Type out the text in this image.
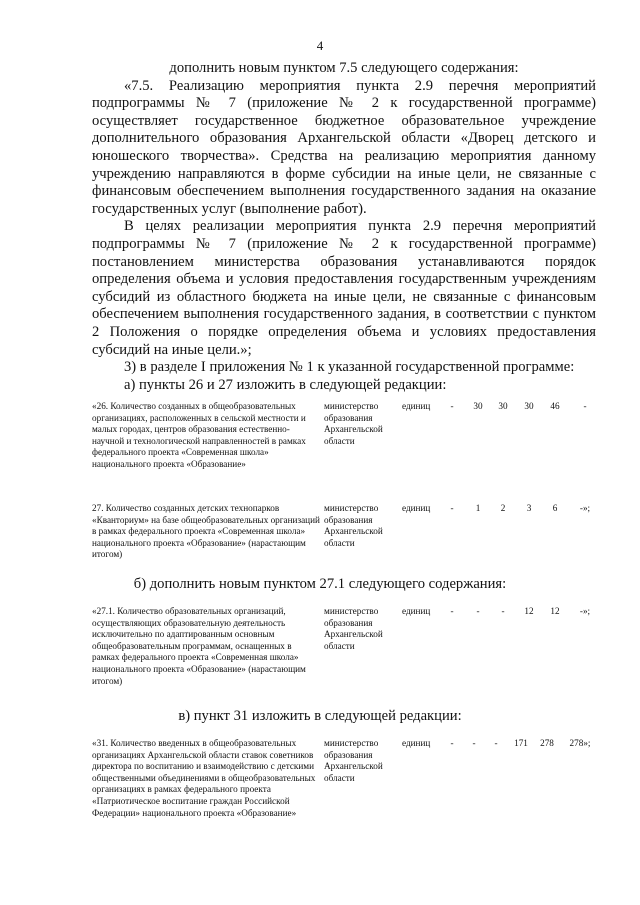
4

дополнить новым пунктом 7.5 следующего содержания:

«7.5. Реализацию мероприятия пункта 2.9 перечня мероприятий подпрограммы № 7 (приложение № 2 к государственной программе) осуществляет государственное бюджетное образовательное учреждение дополнительного образования Архангельской области «Дворец детского и юношеского творчества». Средства на реализацию мероприятия данному учреждению направляются в форме субсидии на иные цели, не связанные с финансовым обеспечением выполнения государственного задания на оказание государственных услуг (выполнение работ).

В целях реализации мероприятия пункта 2.9 перечня мероприятий подпрограммы № 7 (приложение № 2 к государственной программе) постановлением министерства образования устанавливаются порядок определения объема и условия предоставления государственным учреждениям субсидий из областного бюджета на иные цели, не связанные с финансовым обеспечением выполнения государственного задания, в соответствии с пунктом 2 Положения о порядке определения объема и условиях предоставления субсидий на иные цели.»;

3) в разделе I приложения № 1 к указанной государственной программе:

а) пункты 26 и 27 изложить в следующей редакции:

«26. Количество созданных в общеобразовательных организациях, расположенных в сельской местности и малых городах, центров образования естественно-научной и технологической направленностей в рамках федерального проекта «Современная школа» национального проекта «Образование»
министерство образования Архангельской области
единиц	-	30	30	30	46	-
27. Количество созданных детских технопарков «Кванториум» на базе общеобразовательных организаций в рамках федерального проекта «Современная школа» национального проекта «Образование» (нарастающим итогом)
министерство образования Архангельской области
единиц	-	1	2	3	6	-»;
«27.1. Количество образовательных организаций, осуществляющих образовательную деятельность исключительно по адаптированным основным общеобразовательным программам, оснащенных в рамках федерального проекта «Современная школа» национального проекта «Образование» (нарастающим итогом)
министерство образования Архангельской области
единиц	-	-	-	12	12	-»;
«31. Количество введенных в общеобразовательных организациях Архангельской области ставок советников директора по воспитанию и взаимодействию с детскими общественными объединениями в общеобразовательных организациях в рамках федерального проекта «Патриотическое воспитание граждан Российской Федерации» национального проекта «Образование»
министерство образования Архангельской области
единиц	-	-	-	171	278	278»;
б) дополнить новым пунктом 27.1 следующего содержания:
в) пункт 31 изложить в следующей редакции:
